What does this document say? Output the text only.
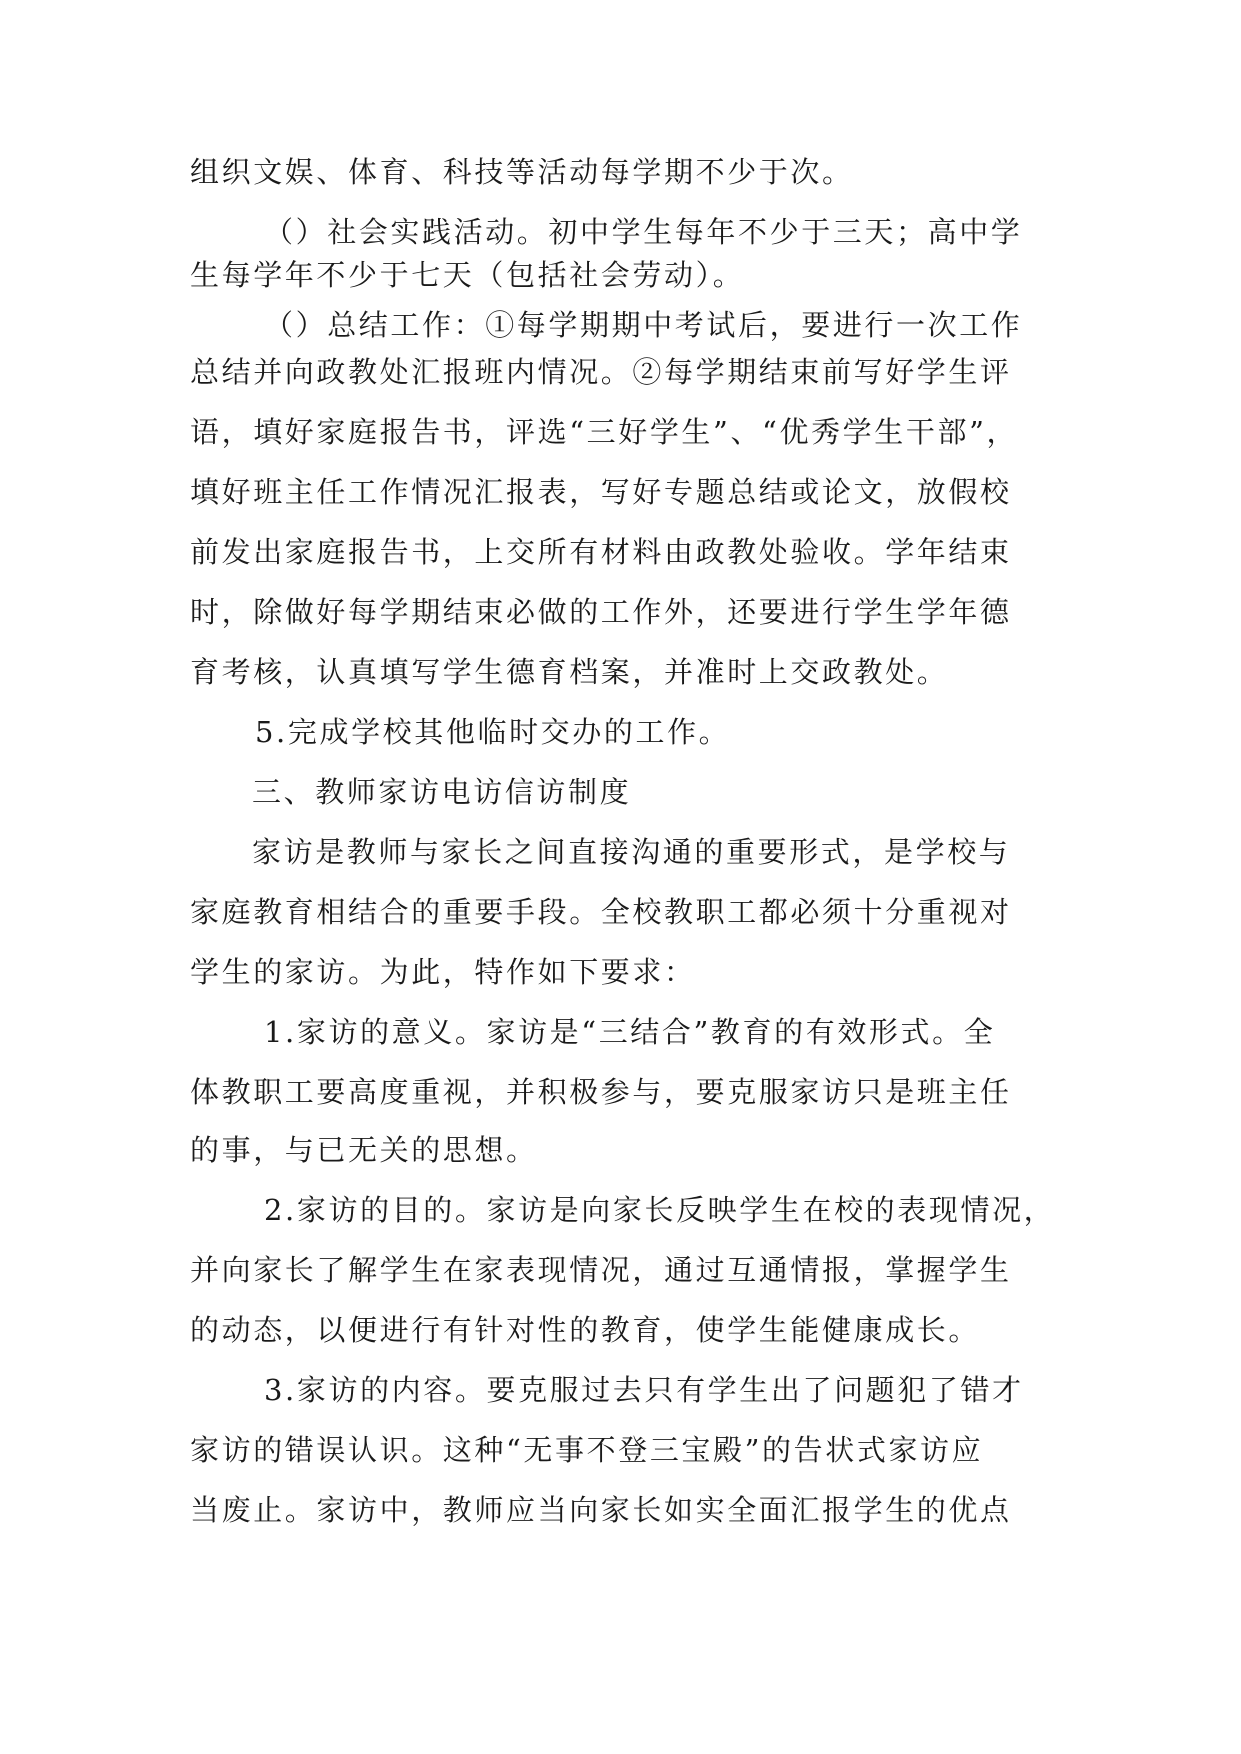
组织文娱、体育、科技等活动每学期不少于次。
（）社会实践活动。初中学生每年不少于三天；高中学
生每学年不少于七天（包括社会劳动）。
（）总结工作：①每学期期中考试后，要进行一次工作
总结并向政教处汇报班内情况。②每学期结束前写好学生评
语，填好家庭报告书，评选“三好学生”、“优秀学生干部”，
填好班主任工作情况汇报表，写好专题总结或论文，放假校
前发出家庭报告书，上交所有材料由政教处验收。学年结束
时，除做好每学期结束必做的工作外，还要进行学生学年德
育考核，认真填写学生德育档案，并准时上交政教处。
5.完成学校其他临时交办的工作。
三、教师家访电访信访制度
家访是教师与家长之间直接沟通的重要形式，是学校与
家庭教育相结合的重要手段。全校教职工都必须十分重视对
学生的家访。为此，特作如下要求：
1.家访的意义。家访是“三结合”教育的有效形式。全
体教职工要高度重视，并积极参与，要克服家访只是班主任
的事，与已无关的思想。
2.家访的目的。家访是向家长反映学生在校的表现情况，
并向家长了解学生在家表现情况，通过互通情报，掌握学生
的动态，以便进行有针对性的教育，使学生能健康成长。
3.家访的内容。要克服过去只有学生出了问题犯了错才
家访的错误认识。这种“无事不登三宝殿”的告状式家访应
当废止。家访中，教师应当向家长如实全面汇报学生的优点
